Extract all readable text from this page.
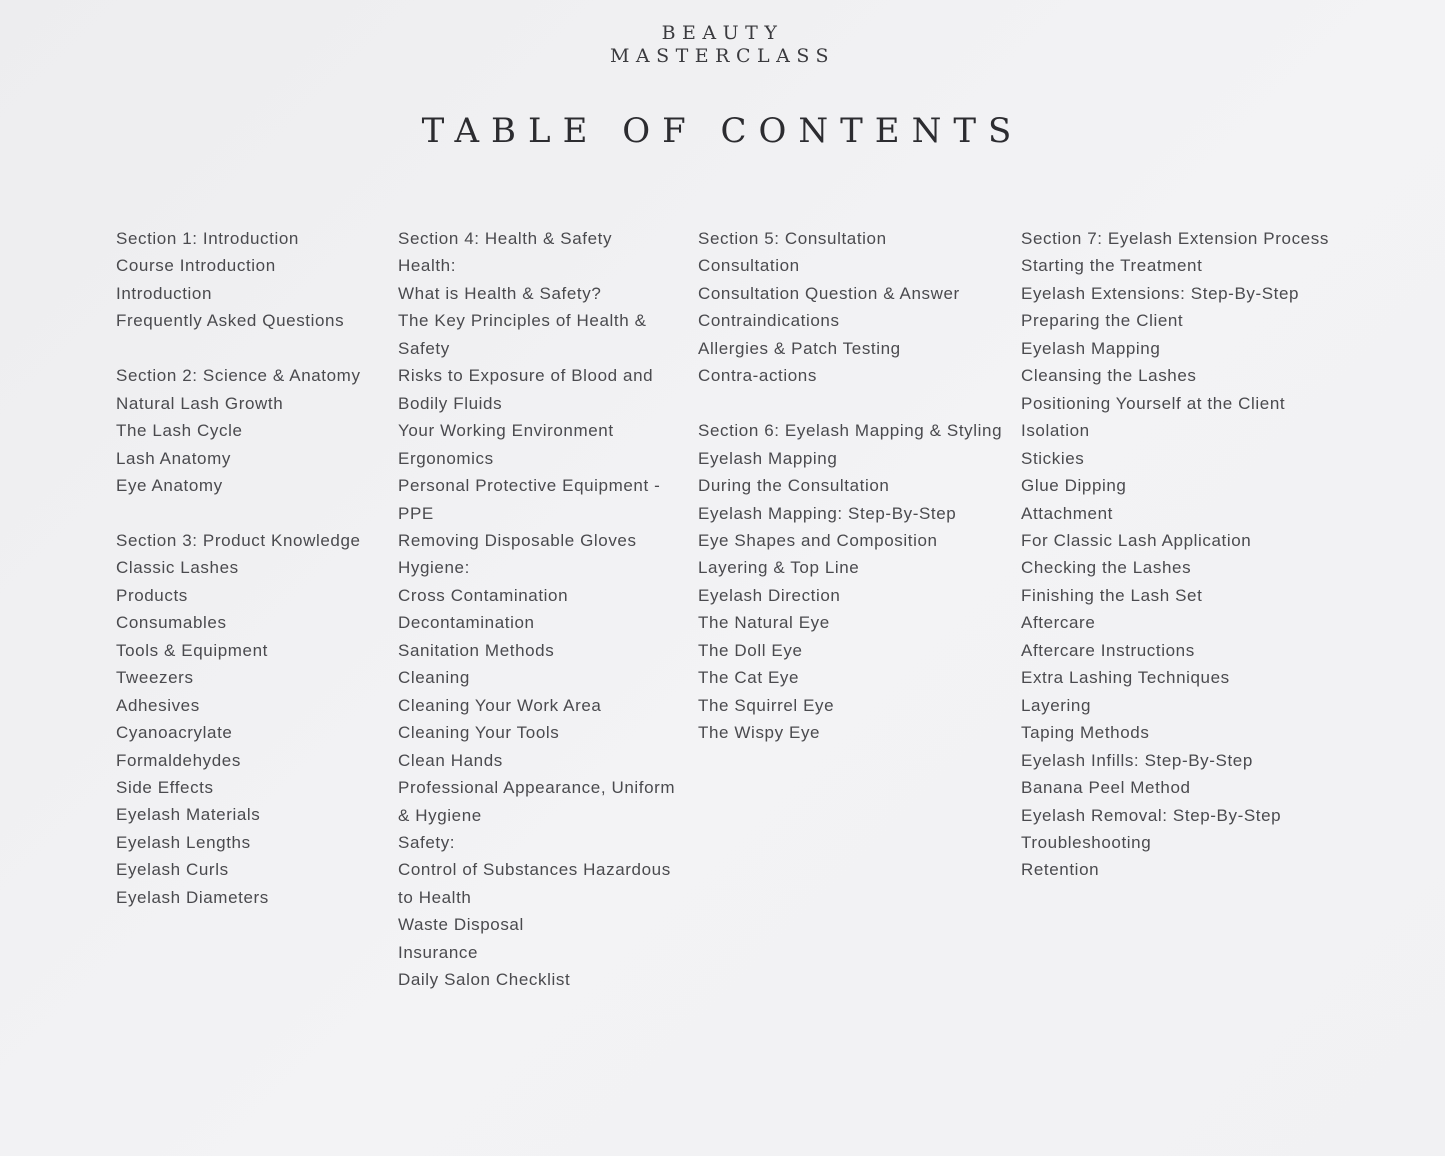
BEAUTY
MASTERCLASS
TABLE OF CONTENTS
Section 1: Introduction
Course Introduction
Introduction
Frequently Asked Questions
Section 2: Science & Anatomy
Natural Lash Growth
The Lash Cycle
Lash Anatomy
Eye Anatomy
Section 3: Product Knowledge
Classic Lashes
Products
Consumables
Tools & Equipment
Tweezers
Adhesives
Cyanoacrylate
Formaldehydes
Side Effects
Eyelash Materials
Eyelash Lengths
Eyelash Curls
Eyelash Diameters
Section 4: Health & Safety
Health:
What is Health & Safety?
The Key Principles of Health &
Safety
Risks to Exposure of Blood and
Bodily Fluids
Your Working Environment
Ergonomics
Personal Protective Equipment -
PPE
Removing Disposable Gloves
Hygiene:
Cross Contamination
Decontamination
Sanitation Methods
Cleaning
Cleaning Your Work Area
Cleaning Your Tools
Clean Hands
Professional Appearance, Uniform
& Hygiene
Safety:
Control of Substances Hazardous
to Health
Waste Disposal
Insurance
Daily Salon Checklist
Section 5: Consultation
Consultation
Consultation Question & Answer
Contraindications
Allergies & Patch Testing
Contra-actions
Section 6: Eyelash Mapping & Styling
Eyelash Mapping
During the Consultation
Eyelash Mapping: Step-By-Step
Eye Shapes and Composition
Layering & Top Line
Eyelash Direction
The Natural Eye
The Doll Eye
The Cat Eye
The Squirrel Eye
The Wispy Eye
Section 7: Eyelash Extension Process
Starting the Treatment
Eyelash Extensions: Step-By-Step
Preparing the Client
Eyelash Mapping
Cleansing the Lashes
Positioning Yourself at the Client
Isolation
Stickies
Glue Dipping
Attachment
For Classic Lash Application
Checking the Lashes
Finishing the Lash Set
Aftercare
Aftercare Instructions
Extra Lashing Techniques
Layering
Taping Methods
Eyelash Infills: Step-By-Step
Banana Peel Method
Eyelash Removal: Step-By-Step
Troubleshooting
Retention
